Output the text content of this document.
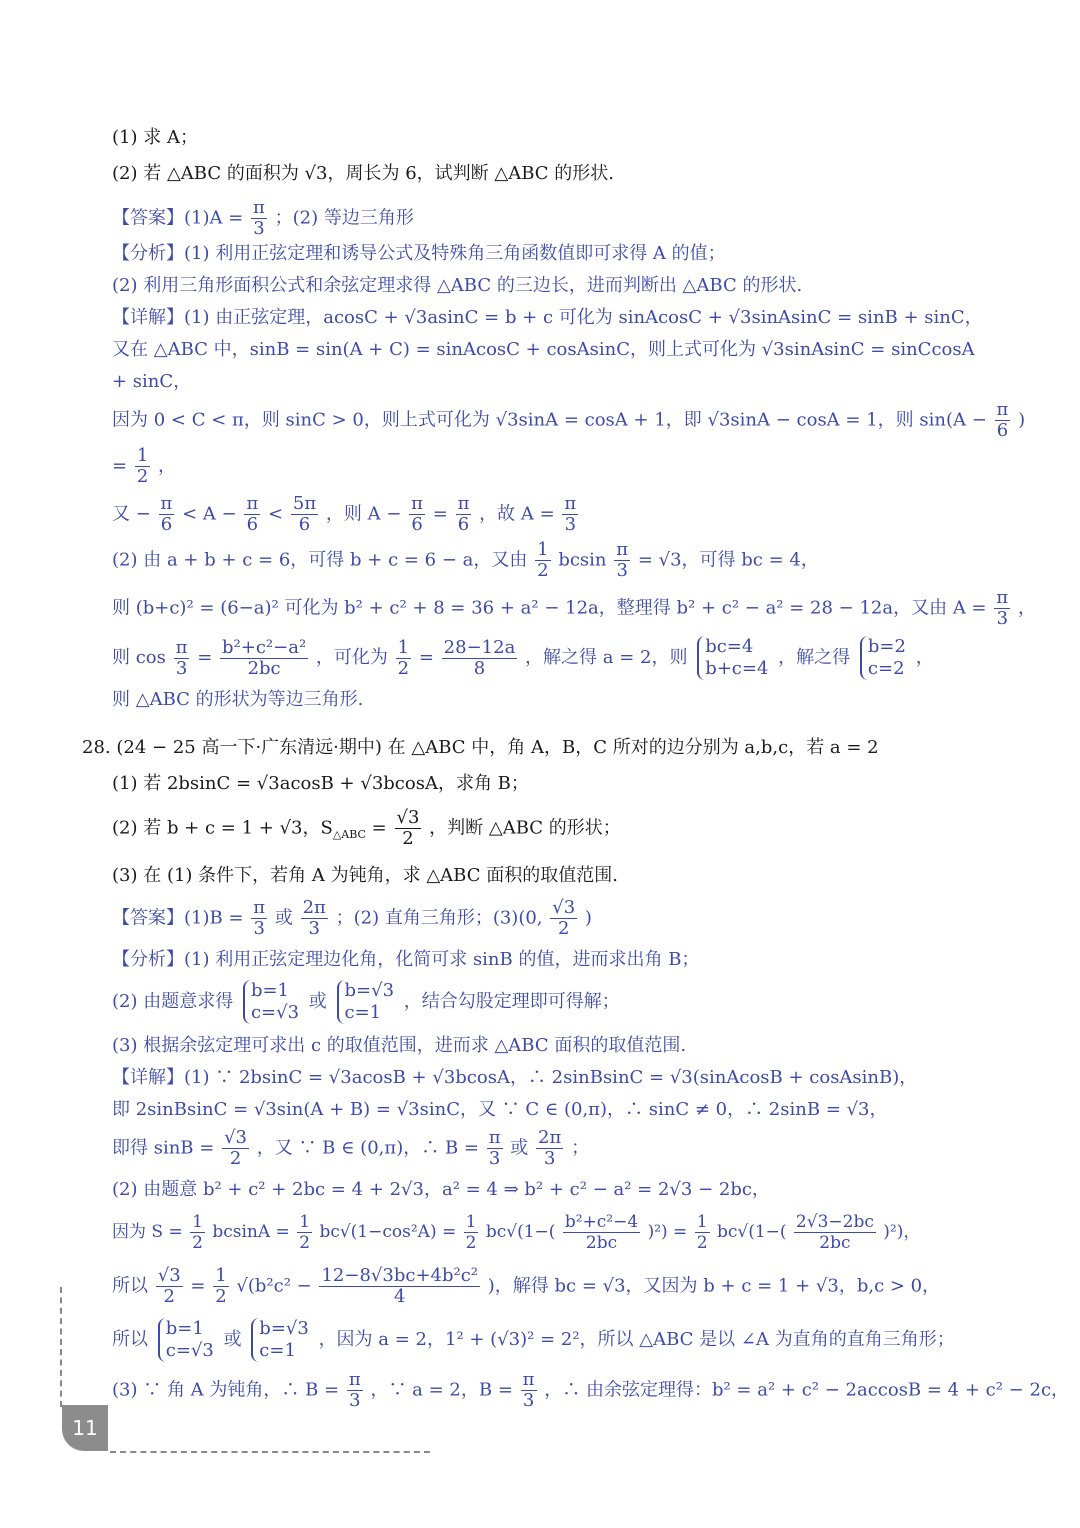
(1) 求 A；
(2) 若 △ABC 的面积为 √3，周长为 6，试判断 △ABC 的形状.
【答案】$(1)A = \frac{\pi}{3}$ ；(2) 等边三角形
【分析】(1) 利用正弦定理和诱导公式及特殊角三角函数值即可求得 A 的值；
(2) 利用三角形面积公式和余弦定理求得 △ABC 的三边长，进而判断出 △ABC 的形状.
【详解】(1) 由正弦定理，acosC + √3asinC = b + c 可化为 sinAcosC + √3sinAsinC = sinB + sinC，
又在 △ABC 中，sinB = sin(A + C) = sinAcosC + cosAsinC，则上式可化为 √3sinAsinC = sinCcosA
+ sinC，
因为 0 < C < π，则 sinC > 0，则上式可化为 √3sinA = cosA + 1，即 √3sinA − cosA = 1，则 $\sin(A - \frac{\pi}{6}$ )
= $\frac{1}{2}$ ，
又 − $\frac{\pi}{6} < A - \frac{\pi}{6} < \frac{5\pi}{6}$ ，则 $A - \frac{\pi}{6} = \frac{\pi}{6}$ ，故 $A = \frac{\pi}{3}$
(2) 由 a + b + c = 6，可得 b + c = 6 − a，又由 $\frac{1}{2}$ bcsin $\frac{\pi}{3} = √3$，可得 bc = 4，
则 (b+c)² = (6−a)² 可化为 b² + c² + 8 = 36 + a² − 12a，整理得 b² + c² − a² = 28 − 12a，又由 $A = \frac{\pi}{3}$ ，
则 $\cos \frac{\pi}{3} = \frac{\text{b²+c²−a²}}{2bc}$ ，可化为 $\frac{1}{2} = \frac{28-12a}{8}$ ，解之得 a = 2，则
bc=4
b+c=4
，解之得
b=2
c=2
，
则 △ABC 的形状为等边三角形.
28. (24 − 25 高一下·广东清远·期中) 在 △ABC 中，角 A，B，C 所对的边分别为 a,b,c，若 a = 2
(1) 若 2bsinC = √3acosB + √3bcosA，求角 B；
(2) 若 b + c = 1 + √3，$S_{\triangle ABC} = \frac{√3}{2}$ ，判断 △ABC 的形状；
(3) 在 (1) 条件下，若角 A 为钝角，求 △ABC 面积的取值范围.
【答案】$(1)B = \frac{\pi}{3}$ 或 $\frac{2\pi}{3}$ ；(2) 直角三角形；(3)(0, $\frac{√3}{2}$ )
【分析】(1) 利用正弦定理边化角，化简可求 sinB 的值，进而求出角 B；
(2) 由题意求得
b=1
c=√3
或
b=√3
c=1
，结合勾股定理即可得解；
(3) 根据余弦定理可求出 c 的取值范围，进而求 △ABC 面积的取值范围.
【详解】(1) ∵ 2bsinC = √3acosB + √3bcosA，∴ 2sinBsinC = √3(sinAcosB + cosAsinB)，
即 2sinBsinC = √3sin(A + B) = √3sinC，又 ∵ C ∈ (0,π)，∴ sinC ≠ 0，∴ 2sinB = √3，
即得 $\sin B = \frac{√3}{2}$ ，又 ∵ B ∈ (0,π)，∴ $B = \frac{\pi}{3}$ 或 $\frac{2\pi}{3}$ ；
(2) 由题意 b² + c² + 2bc = 4 + 2√3，a² = 4 ⇒ b² + c² − a² = 2√3 − 2bc，
因为 $S = \frac{1}{2}$ $bcsinA = \frac{1}{2} bc√(1-\cos^2A) = \frac{1}{2} bc√(1-( \frac{\text{b²+c²−4}}{2bc} )^2) = \frac{1}{2} bc√(1-( \frac{2√3-2bc}{2bc} )^2)$，
所以 $\frac{√3}{2} = \frac{1}{2} √(b^2c^2 - \frac{\text{12−8√3bc+4b²c²}}{4}$ )，解得 bc = √3，又因为 b + c = 1 + √3，b,c > 0，
所以
b=1
c=√3
或
b=√3
c=1
，因为 a = 2，1² + (√3)² = 2²，所以 △ABC 是以 ∠A 为直角的直角三角形；
(3) ∵ 角 A 为钝角，∴ $B = \frac{\pi}{3}$ ，∵ a = 2，$B = \frac{\pi}{3}$ ，∴ 由余弦定理得：b² = a² + c² − 2accosB = 4 + c² − 2c，
11
